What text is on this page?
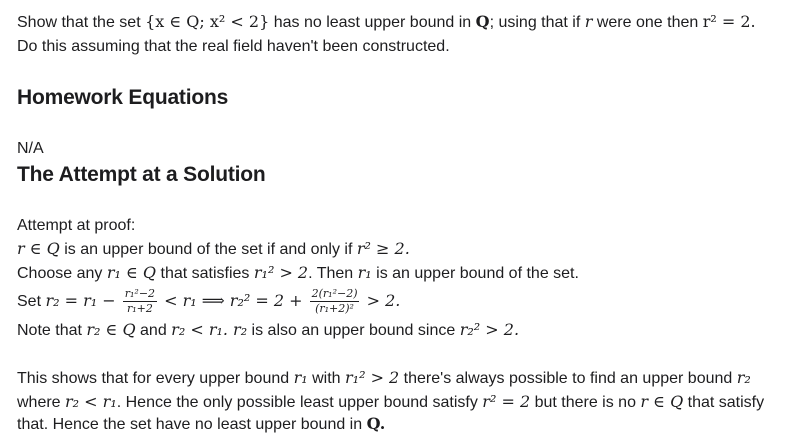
Show that the set {x ∈ Q; x² < 2} has no least upper bound in Q; using that if r were one then r² = 2.
Do this assuming that the real field haven't been constructed.
Homework Equations
N/A
The Attempt at a Solution
Attempt at proof:
r ∈ Q is an upper bound of the set if and only if r² ≥ 2.
Choose any r₁ ∈ Q that satisfies r₁² > 2. Then r₁ is an upper bound of the set.
Set $r_2 = r_1 - \frac{\text{r₁²−2}}{\text{r₁+2}} < r_1$ ⟹ $r_2^2 = 2 + \frac{\text{2(r₁²−2)}}{\text{(r₁+2)²}} > 2$.
Note that r₂ ∈ Q and r₂ < r₁. r₂ is also an upper bound since r₂² > 2.
This shows that for every upper bound r₁ with r₁² > 2 there's always possible to find an upper bound r₂
where r₂ < r₁. Hence the only possible least upper bound satisfy r² = 2 but there is no r ∈ Q that satisfy
that. Hence the set have no least upper bound in Q.
